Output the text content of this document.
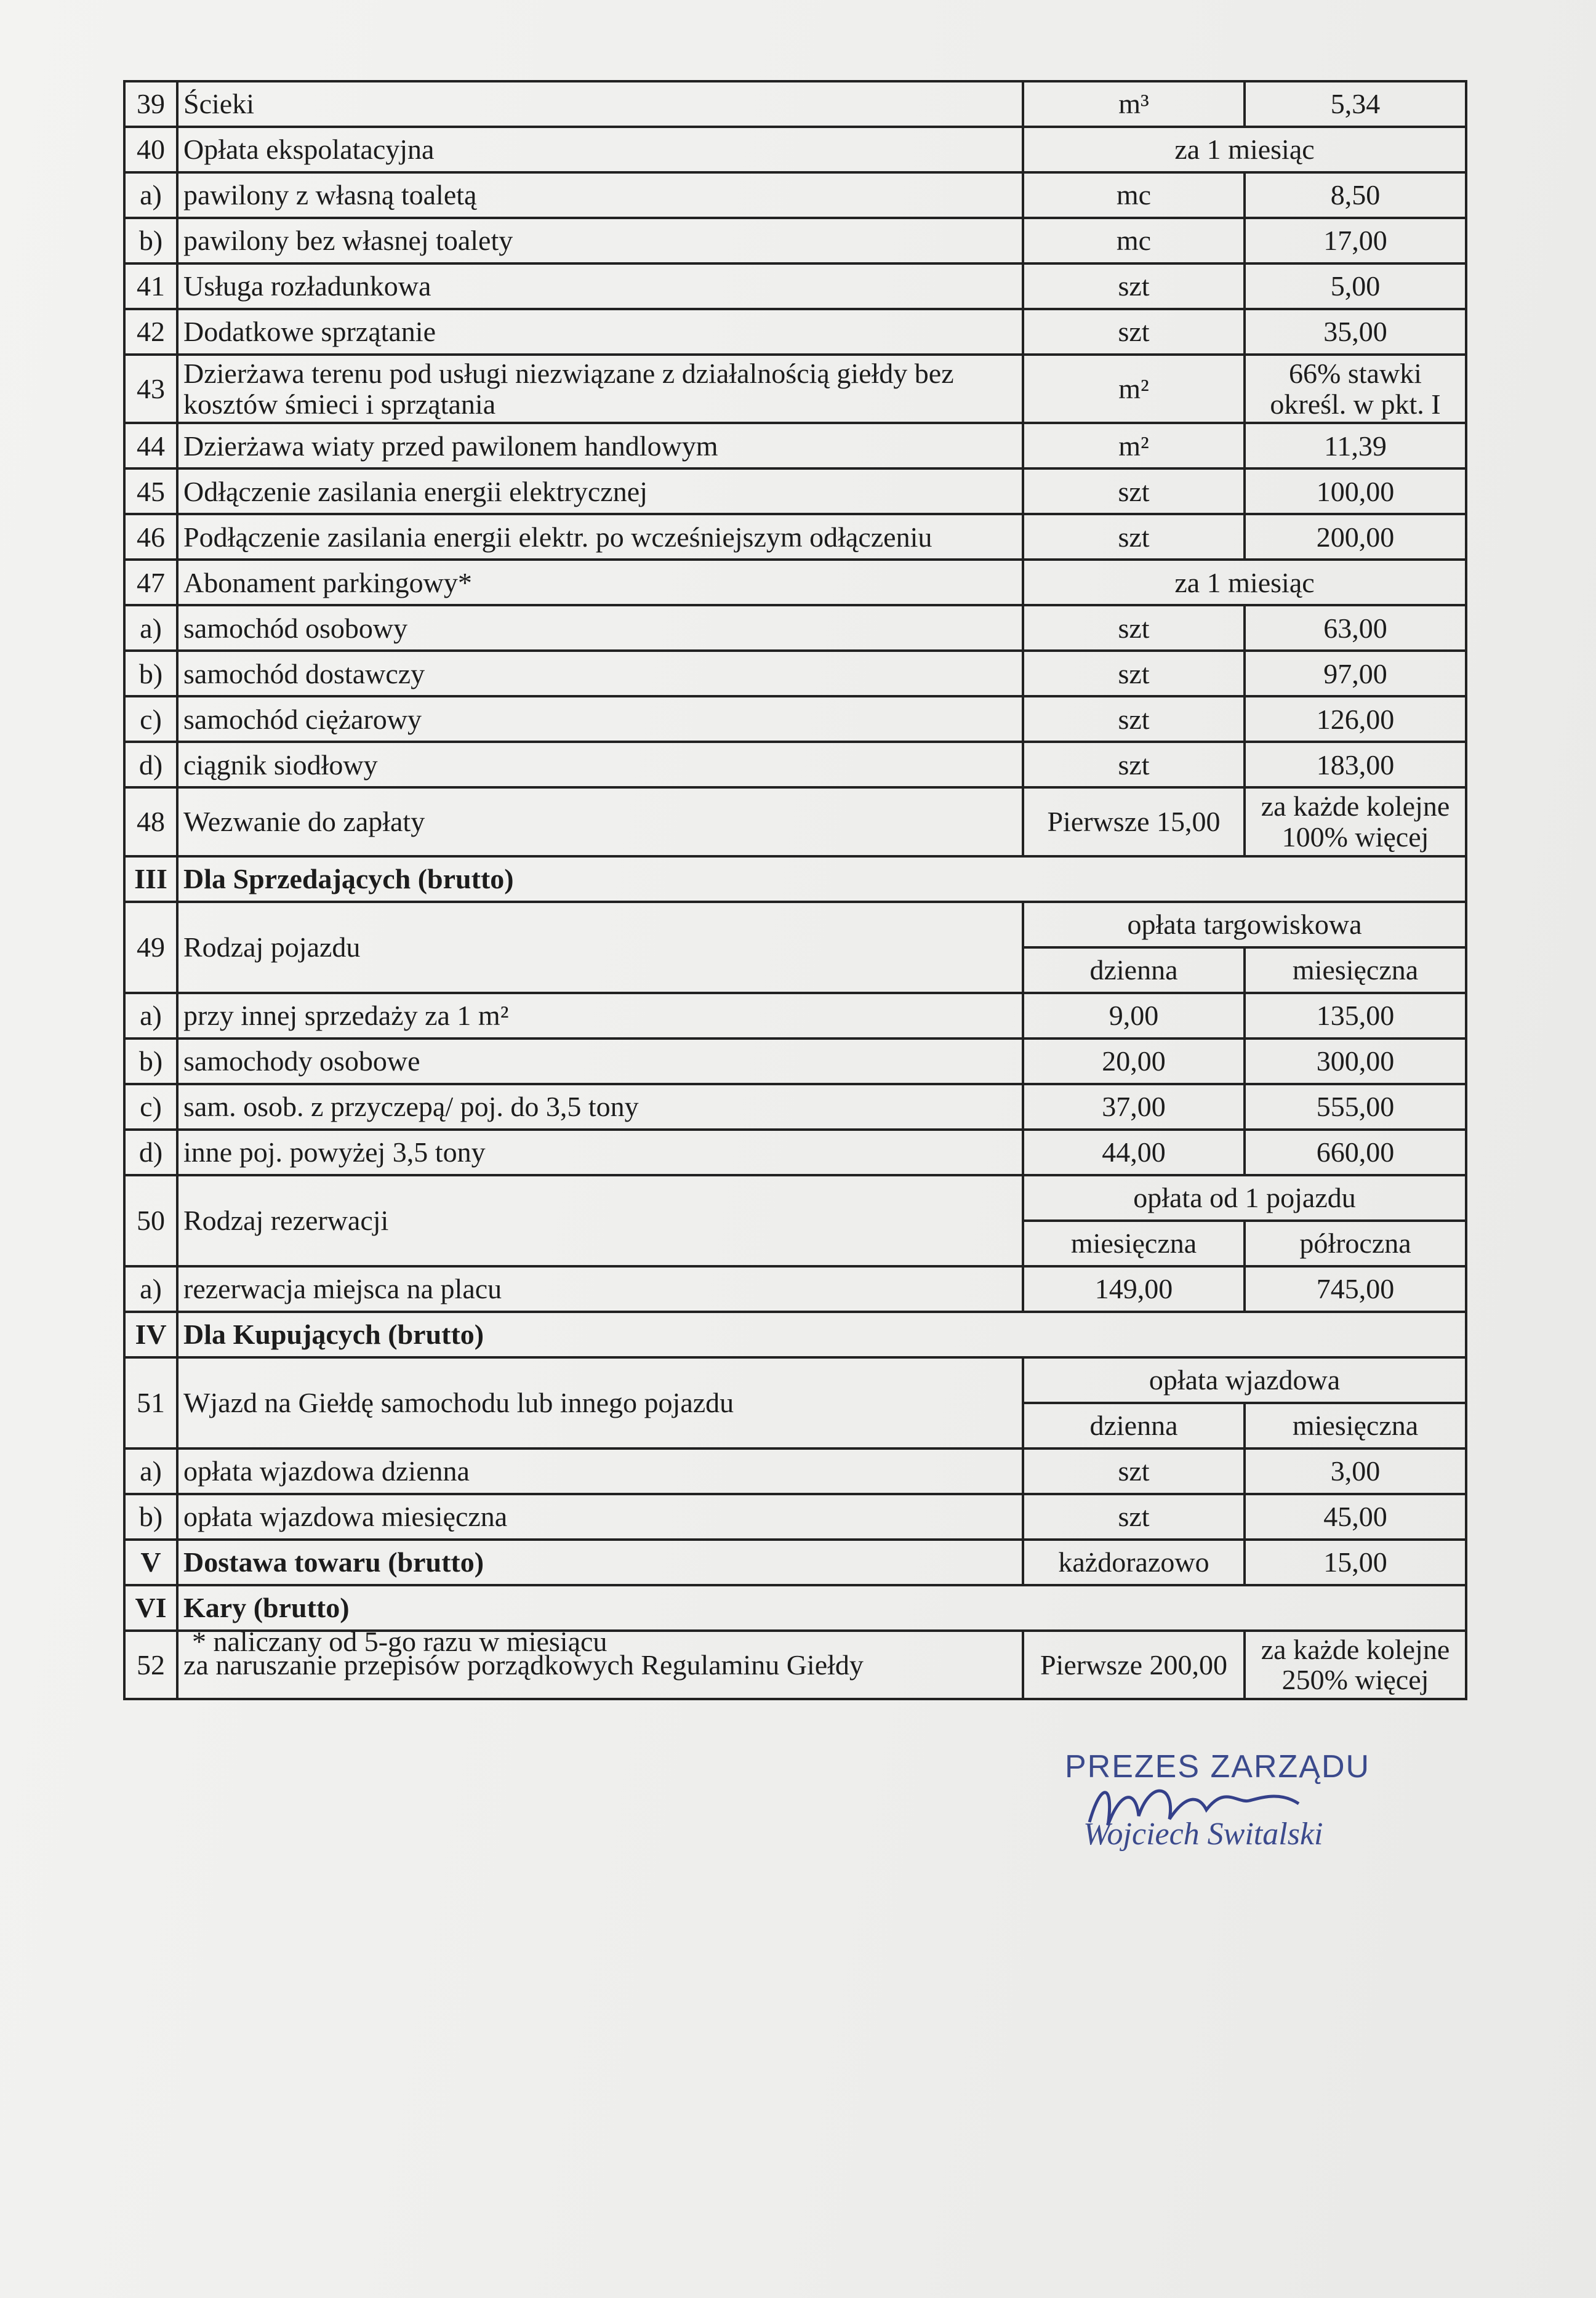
39	Ścieki	m³	5,34
40	Opłata ekspolatacyjna	za 1 miesiąc	
a)	pawilony z własną toaletą	mc	8,50
b)	pawilony bez własnej toalety	mc	17,00
41	Usługa rozładunkowa	szt	5,00
42	Dodatkowe sprzątanie	szt	35,00
43	Dzierżawa terenu pod usługi niezwiązane z działalnością giełdy bez kosztów śmieci i sprzątania	m²	66% stawki określ. w pkt. I
44	Dzierżawa wiaty przed pawilonem handlowym	m²	11,39
45	Odłączenie zasilania energii elektrycznej	szt	100,00
46	Podłączenie zasilania energii elektr. po wcześniejszym odłączeniu	szt	200,00
47	Abonament parkingowy*	za 1 miesiąc	
a)	samochód osobowy	szt	63,00
b)	samochód dostawczy	szt	97,00
c)	samochód ciężarowy	szt	126,00
d)	ciągnik siodłowy	szt	183,00
48	Wezwanie do zapłaty	Pierwsze 15,00	za każde kolejne 100% więcej
III	Dla Sprzedających (brutto)		
49	Rodzaj pojazdu	opłata targowiskowa	
		dzienna	miesięczna
a)	przy innej sprzedaży za 1 m²	9,00	135,00
b)	samochody osobowe	20,00	300,00
c)	sam. osob. z przyczepą/ poj. do 3,5 tony	37,00	555,00
d)	inne poj. powyżej 3,5 tony	44,00	660,00
50	Rodzaj rezerwacji	opłata od 1 pojazdu	
		miesięczna	półroczna
a)	rezerwacja miejsca na placu	149,00	745,00
IV	Dla Kupujących (brutto)		
51	Wjazd na Giełdę samochodu lub innego pojazdu	opłata wjazdowa	
		dzienna	miesięczna
a)	opłata wjazdowa dzienna	szt	3,00
b)	opłata wjazdowa miesięczna	szt	45,00
V	Dostawa towaru (brutto)	każdorazowo	15,00
VI	Kary (brutto)		
52	za naruszanie przepisów porządkowych Regulaminu Giełdy	Pierwsze 200,00	za każde kolejne 250% więcej
* naliczany od 5-go razu w miesiącu
PREZES ZARZĄDU
Wojciech Switalski
